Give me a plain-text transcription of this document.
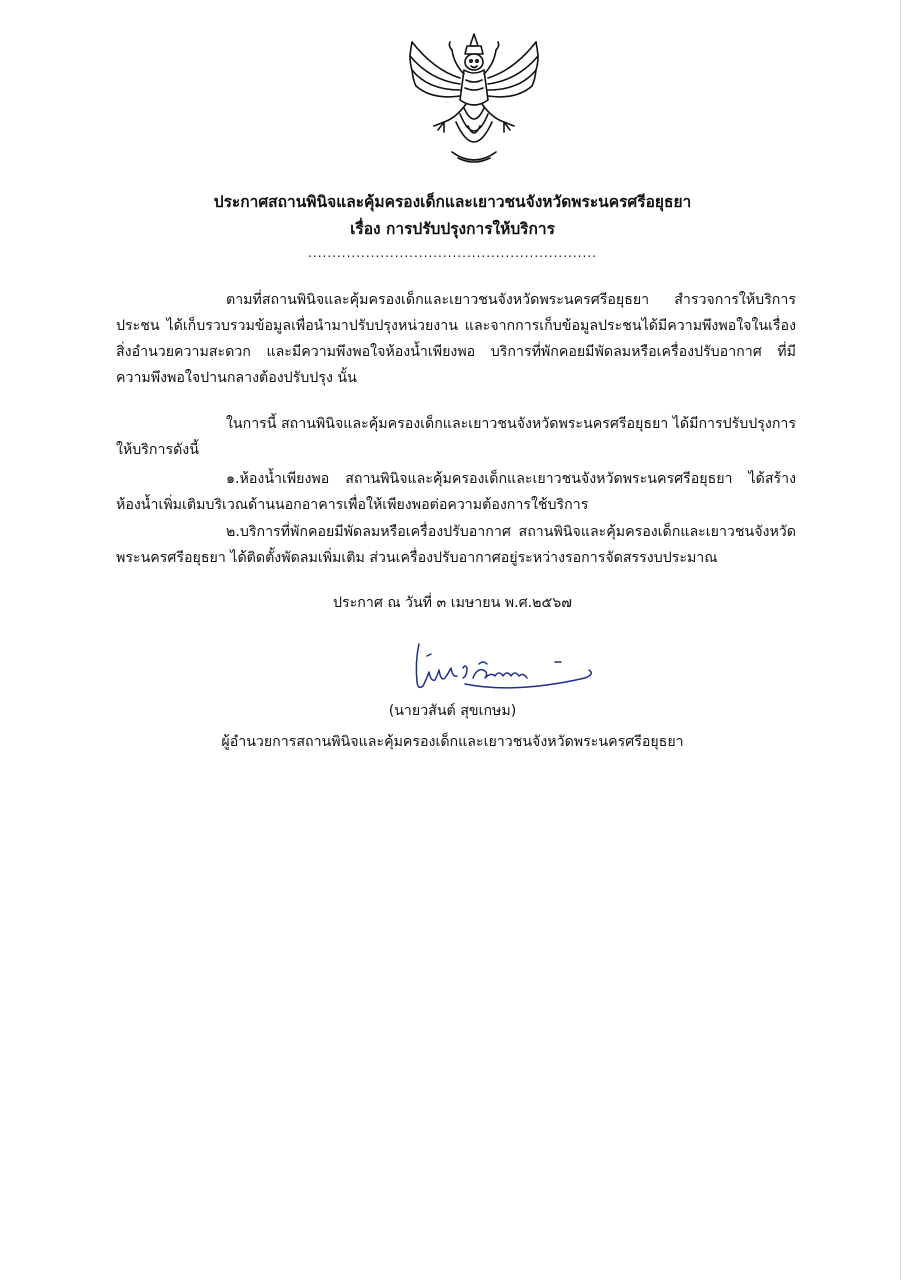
ประกาศสถานพินิจและคุ้มครองเด็กและเยาวชนจังหวัดพระนครศรีอยุธยา
เรื่อง การปรับปรุงการให้บริการ
............................................................

ตามที่สถานพินิจและคุ้มครองเด็กและเยาวชนจังหวัดพระนครศรีอยุธยา สำรวจการให้บริการประชน ได้เก็บรวบรวมข้อมูลเพื่อนำมาปรับปรุงหน่วยงาน และจากการเก็บข้อมูลประชนได้มีความพึงพอใจในเรื่องสิ่งอำนวยความสะดวก และมีความพึงพอใจห้องน้ำเพียงพอ บริการที่พักคอยมีพัดลมหรือเครื่องปรับอากาศ ที่มีความพึงพอใจปานกลางต้องปรับปรุง นั้น

ในการนี้ สถานพินิจและคุ้มครองเด็กและเยาวชนจังหวัดพระนครศรีอยุธยา ได้มีการปรับปรุงการให้บริการดังนี้

๑.ห้องน้ำเพียงพอ สถานพินิจและคุ้มครองเด็กและเยาวชนจังหวัดพระนครศรีอยุธยา ได้สร้างห้องน้ำเพิ่มเติมบริเวณด้านนอกอาคารเพื่อให้เพียงพอต่อความต้องการใช้บริการ

๒.บริการที่พักคอยมีพัดลมหรือเครื่องปรับอากาศ สถานพินิจและคุ้มครองเด็กและเยาวชนจังหวัดพระนครศรีอยุธยา ได้ติดตั้งพัดลมเพิ่มเติม ส่วนเครื่องปรับอากาศอยู่ระหว่างรอการจัดสรรงบประมาณ

ประกาศ ณ วันที่ ๓ เมษายน พ.ศ.๒๕๖๗
(นายวสันต์ สุขเกษม)
ผู้อำนวยการสถานพินิจและคุ้มครองเด็กและเยาวชนจังหวัดพระนครศรีอยุธยา
